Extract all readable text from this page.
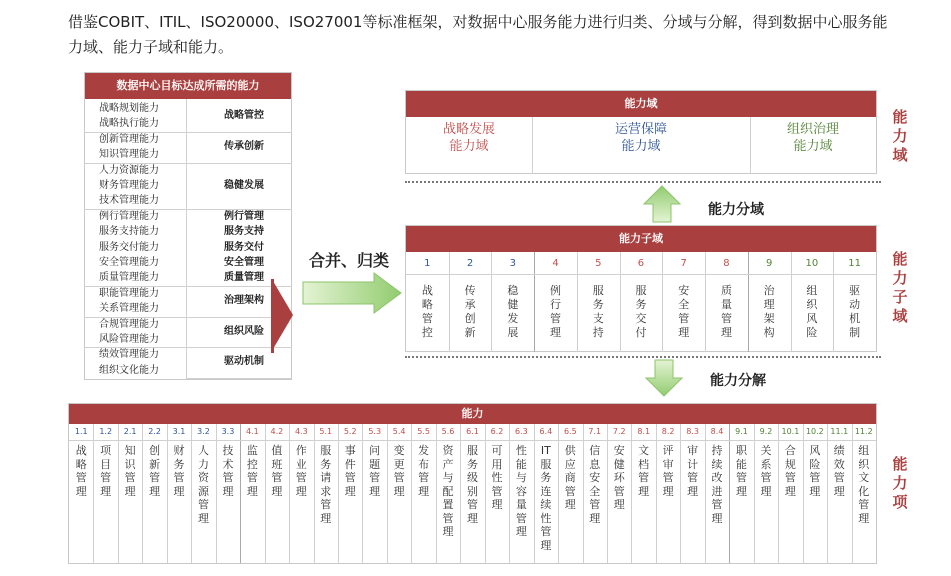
借鉴COBIT、ITIL、ISO20000、ISO27001等标准框架，对数据中心服务能力进行归类、分域与分解，得到数据中心服务能力域、能力子域和能力。
数据中心目标达成所需的能力
战略规划能力
战略执行能力
创新管理能力
知识管理能力
人力资源能力
财务管理能力
技术管理能力
例行管理能力
服务支持能力
服务交付能力
安全管理能力
质量管理能力
职能管理能力
关系管理能力
合规管理能力
风险管理能力
绩效管理能力
组织文化能力
战略管控
传承创新
稳健发展
例行管理
服务支持
服务交付
安全管理
质量管理
治理架构
组织风险
驱动机制
合并、归类
能力域
战略发展
能力域
运营保障
能力域
组织治理
能力域
能
力
域
能力分域
能力子域
1
战
略
管
控
2
传
承
创
新
3
稳
健
发
展
4
例
行
管
理
5
服
务
支
持
6
服
务
交
付
7
安
全
管
理
8
质
量
管
理
9
治
理
架
构
10
组
织
风
险
11
驱
动
机
制
能
力
子
域
能力分解
能力
1.1
战
略
管
理
1.2
项
目
管
理
2.1
知
识
管
理
2.2
创
新
管
理
3.1
财
务
管
理
3.2
人
力
资
源
管
理
3.3
技
术
管
理
4.1
监
控
管
理
4.2
值
班
管
理
4.3
作
业
管
理
5.1
服
务
请
求
管
理
5.2
事
件
管
理
5.3
问
题
管
理
5.4
变
更
管
理
5.5
发
布
管
理
5.6
资
产
与
配
置
管
理
6.1
服
务
级
别
管
理
6.2
可
用
性
管
理
6.3
性
能
与
容
量
管
理
6.4
IT
服
务
连
续
性
管
理
6.5
供
应
商
管
理
7.1
信
息
安
全
管
理
7.2
安
健
环
管
理
8.1
文
档
管
理
8.2
评
审
管
理
8.3
审
计
管
理
8.4
持
续
改
进
管
理
9.1
职
能
管
理
9.2
关
系
管
理
10.1
合
规
管
理
10.2
风
险
管
理
11.1
绩
效
管
理
11.2
组
织
文
化
管
理
能
力
项
